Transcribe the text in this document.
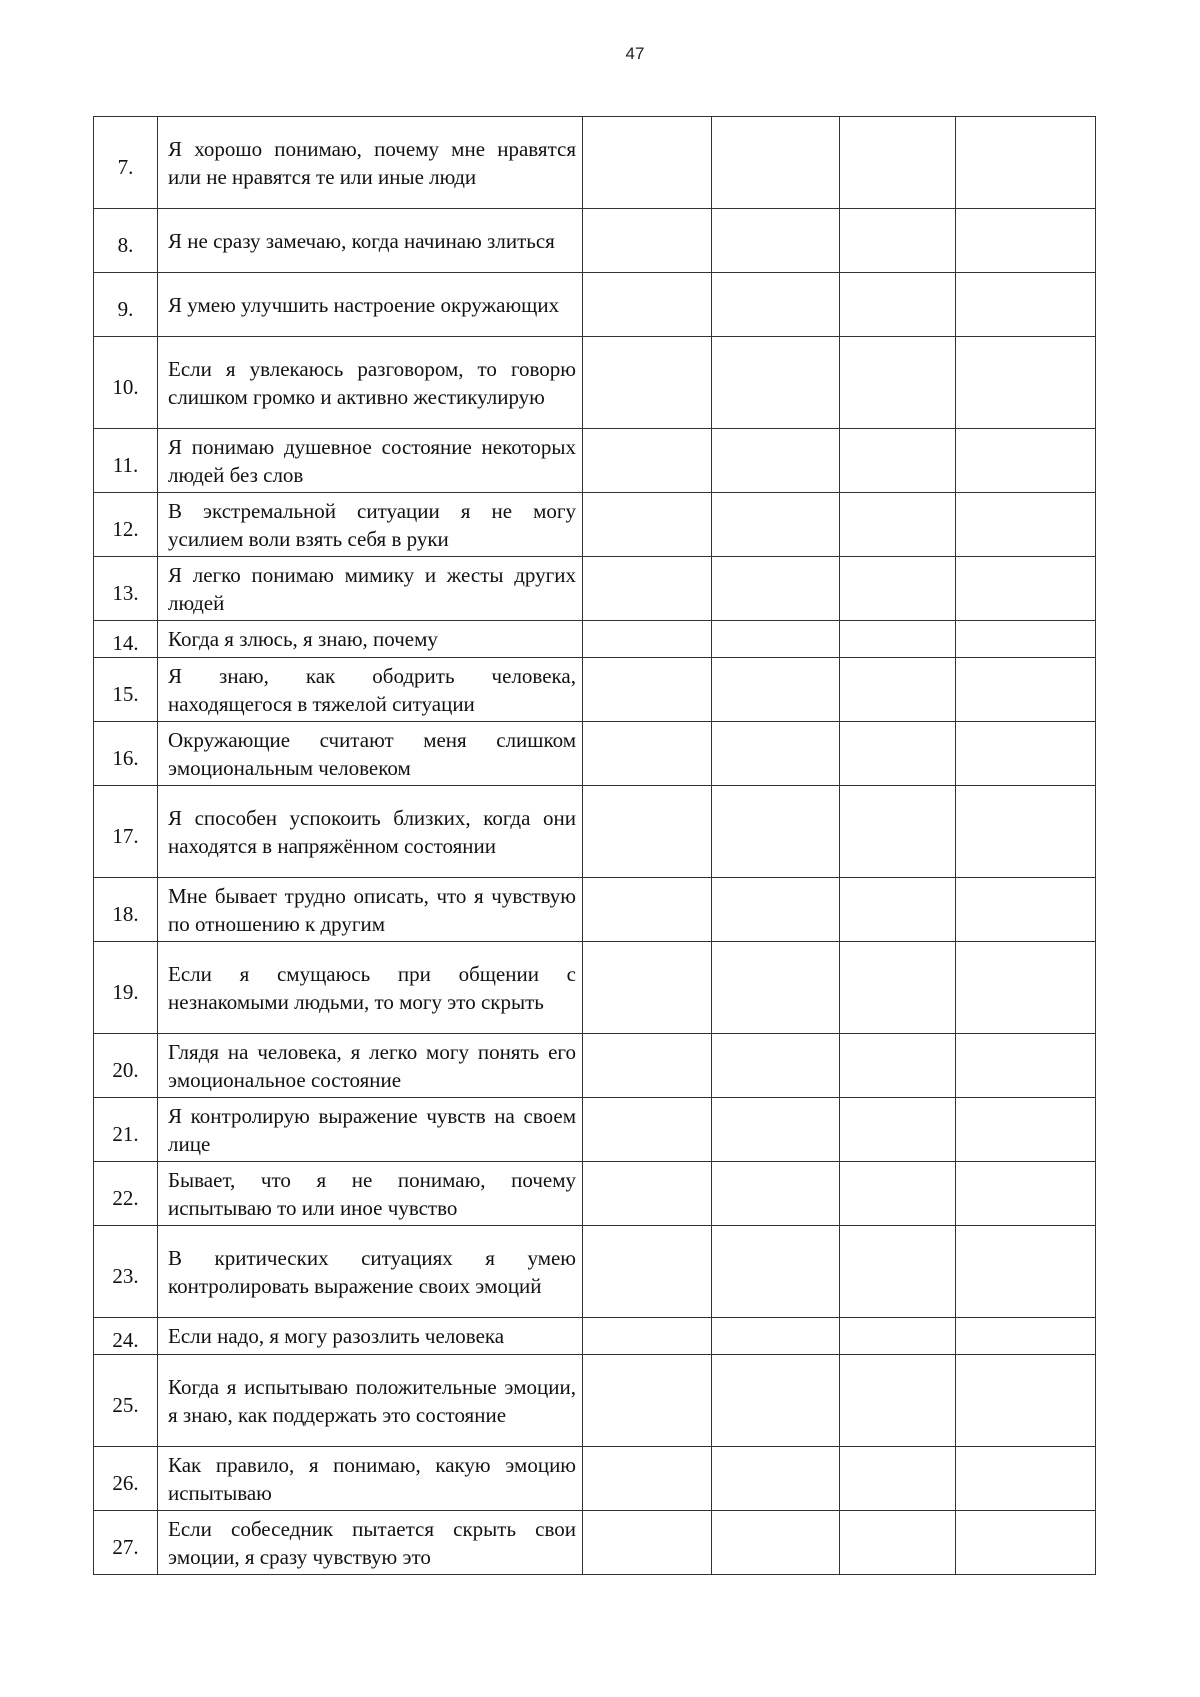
47
7.	Я хорошо понимаю, почему мне нравятся или не нравятся те или иные люди				
8.	Я не сразу замечаю, когда начинаю злиться				
9.	Я умею улучшить настроение окружающих				
10.	Если я увлекаюсь разговором, то говорю слишком громко и активно жестикулирую				
11.	Я понимаю душевное состояние некоторых людей без слов				
12.	В экстремальной ситуации я не могу усилием воли взять себя в руки				
13.	Я легко понимаю мимику и жесты других людей				
14.	Когда я злюсь, я знаю, почему				
15.	Я знаю, как ободрить человека, находящегося в тяжелой ситуации				
16.	Окружающие считают меня слишком эмоциональным человеком				
17.	Я способен успокоить близких, когда они находятся в напряжённом состоянии				
18.	Мне бывает трудно описать, что я чувствую по отношению к другим				
19.	Если я смущаюсь при общении с незнакомыми людьми, то могу это скрыть				
20.	Глядя на человека, я легко могу понять его эмоциональное состояние				
21.	Я контролирую выражение чувств на своем лице				
22.	Бывает, что я не понимаю, почему испытываю то или иное чувство				
23.	В критических ситуациях я умею контролировать выражение своих эмоций				
24.	Если надо, я могу разозлить человека				
25.	Когда я испытываю положительные эмоции, я знаю, как поддержать это состояние				
26.	Как правило, я понимаю, какую эмоцию испытываю				
27.	Если собеседник пытается скрыть свои эмоции, я сразу чувствую это				
